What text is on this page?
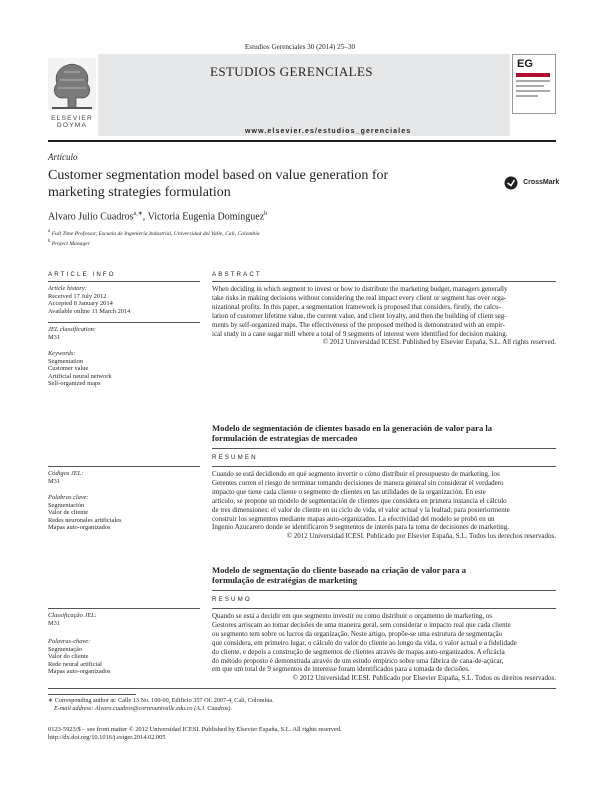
Estudios Gerenciales 30 (2014) 25–30
ELSEVIER
DOYMA
ESTUDIOS GERENCIALES
www.elsevier.es/estudios_gerenciales
EG
Artículo
Customer segmentation model based on value generation for
marketing strategies formulation
CrossMark
Alvaro Julio Cuadros$^{a,∗}$, Victoria Eugenia Domínguez$^b$
$^a$ Full Time Professor, Escuela de Ingeniería Industrial, Universidad del Valle, Cali, Colombia
$^b$ Project Manager
ARTICLE INFO
Article history:
Received 17 July 2012
Accepted 8 January 2014
Available online 11 March 2014
JEL classification:
M31
Keywords:
Segmentation
Customer value
Artificial neural network
Self-organized maps
ABSTRACT
When deciding in which segment to invest or how to distribute the marketing budget, managers generally
take risks in making decisions without considering the real impact every client or segment has over orga-
nizational profits. In this paper, a segmentation framework is proposed that considers, firstly, the calcu-
lation of customer lifetime value, the current value, and client loyalty, and then the building of client seg-
ments by self-organized maps. The effectiveness of the proposed method is demonstrated with an empir-
ical study in a cane sugar mill where a total of 9 segments of interest were identified for decision making.
© 2012 Universidad ICESI. Published by Elsevier España, S.L. All rights reserved.
Modelo de segmentación de clientes basado en la generación de valor para la
formulación de estrategias de mercadeo
RESUMEN
Códigos JEL:
M31
Palabras clave:
Segmentación
Valor de cliente
Redes neuronales artificiales
Mapas auto-organizados
Cuando se está decidiendo en qué segmento invertir o cómo distribuir el presupuesto de marketing, los
Gerentes corren el riesgo de terminar tomando decisiones de manera general sin considerar el verdadero
impacto que tiene cada cliente o segmento de clientes en las utilidades de la organización. En este
artículo, se propone un modelo de segmentación de clientes que considera en primera instancia el cálculo
de tres dimensiones: el valor de cliente en su ciclo de vida, el valor actual y la lealtad; para posteriormente
construir los segmentos mediante mapas auto-organizados. La efectividad del modelo se probó en un
Ingenio Azucarero donde se identificaron 9 segmentos de interés para la toma de decisiones de marketing.
© 2012 Universidad ICESI. Publicado por Elsevier España, S.L. Todos los derechos reservados.
Modelo de segmentação do cliente baseado na criação de valor para a
formulação de estratégias de marketing
RESUMO
Classificação JEL:
M31
Palavras-chave:
Segmentação
Valor do cliente
Rede neural artificial
Mapas auto-organizados
Quando se está a decidir em que segmento investir ou como distribuir o orçamento de marketing, os
Gestores arriscam ao tomar decisões de uma maneira geral, sem considerar o impacto real que cada cliente
ou segmento tem sobre os lucros da organização. Neste artigo, propõe-se uma estrutura de segmentação
que considera, em primeiro lugar, o cálculo do valor do cliente ao longo da vida, o valor actual e a fidelidade
do cliente, e depois a construção de segmentos de clientes através de mapas auto-organizados. A eficácia
do método proposto é demonstrada através de um estudo empírico sobre uma fábrica de cana-de-açúcar,
em que um total de 9 segmentos de interesse foram identificados para a tomada de decisões.
© 2012 Universidad ICESI. Publicado por Elsevier España, S.L. Todos os direitos reservados.
∗ Corresponding author at: Calle 13 No. 100-00, Edificio 357 Of. 2007-4, Cali, Colombia.
E-mail address: Alvaro.cuadros@correounivalle.edu.co (A.J. Cuadros).
0123-5923/$ – see front matter © 2012 Universidad ICESI. Published by Elsevier España, S.L. All rights reserved.
http://dx.doi.org/10.1016/j.estger.2014.02.005
